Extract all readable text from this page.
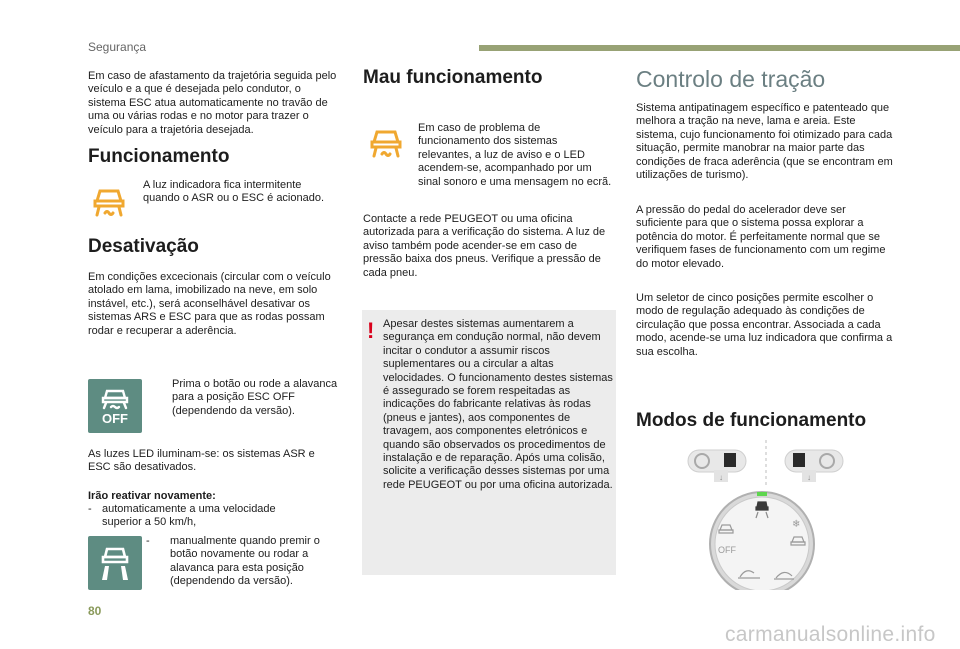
Segurança

Em caso de afastamento da trajetória seguida pelo veículo e a que é desejada pelo condutor, o sistema ESC atua automaticamente no travão de uma ou várias rodas e no motor para trazer o veículo para a trajetória desejada.

Funcionamento

A luz indicadora fica intermitente quando o ASR ou o ESC é acionado.

Desativação

Em condições excecionais (circular com o veículo atolado em lama, imobilizado na neve, em solo instável, etc.), será aconselhável desativar os sistemas ARS e ESC para que as rodas possam rodar e recuperar a aderência.

OFF
Prima o botão ou rode a alavanca para a posição ESC OFF (dependendo da versão).

As luzes LED iluminam-se: os sistemas ASR e ESC são desativados.

Irão reativar novamente:
- automaticamente a uma velocidade superior a 50 km/h,
-	manualmente quando premir o botão novamente ou rodar a alavanca para esta posição (dependendo da versão).
Mau funcionamento

Em caso de problema de funcionamento dos sistemas relevantes, a luz de aviso e o LED acendem-se, acompanhado por um sinal sonoro e uma mensagem no ecrã.

Contacte a rede PEUGEOT ou uma oficina autorizada para a verificação do sistema. A luz de aviso também pode acender-se em caso de pressão baixa dos pneus. Verifique a pressão de cada pneu.

! Apesar destes sistemas aumentarem a segurança em condução normal, não devem incitar o condutor a assumir riscos suplementares ou a circular a altas velocidades. O funcionamento destes sistemas é assegurado se forem respeitadas as indicações do fabricante relativas às rodas (pneus e jantes), aos componentes de travagem, aos componentes eletrónicos e quando são observados os procedimentos de instalação e de reparação. Após uma colisão, solicite a verificação desses sistemas por uma rede PEUGEOT ou por uma oficina autorizada.

Controlo de tração

Sistema antipatinagem específico e patenteado que melhora a tração na neve, lama e areia. Este sistema, cujo funcionamento foi otimizado para cada situação, permite manobrar na maior parte das condições de fraca aderência (que se encontram em utilizações de turismo).

A pressão do pedal do acelerador deve ser suficiente para que o sistema possa explorar a potência do motor. É perfeitamente normal que se verifiquem fases de funcionamento com um regime do motor elevado.

Um seletor de cinco posições permite escolher o modo de regulação adequado às condições de circulação que possa encontrar. Associada a cada modo, acende-se uma luz indicadora que confirma a sua escolha.

Modos de funcionamento
↓	↓
❄
OFF
80
carmanualsonline.info
